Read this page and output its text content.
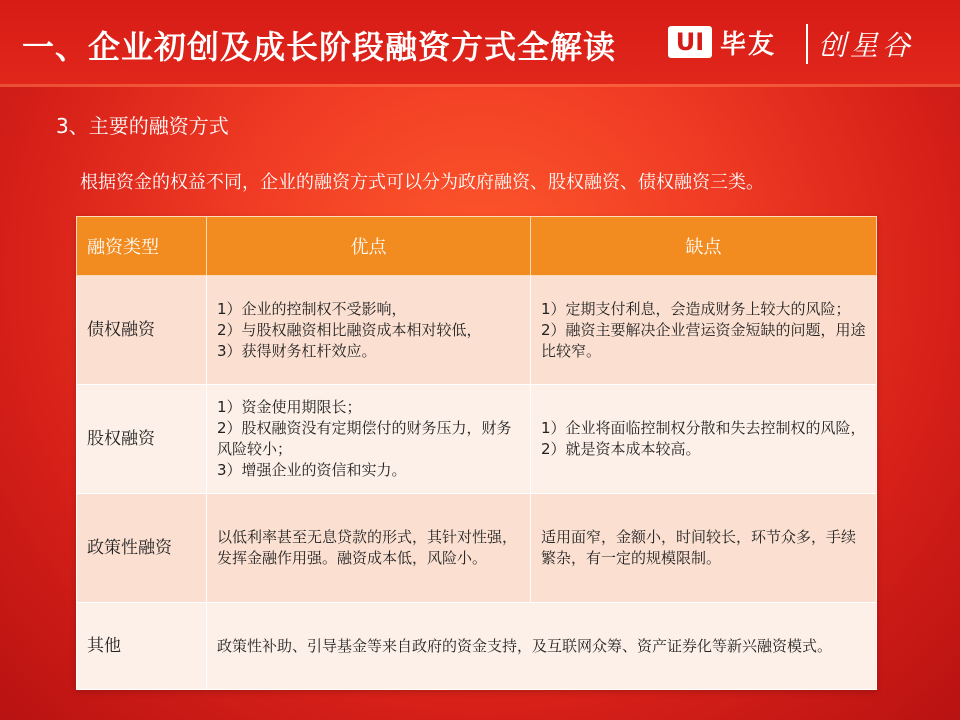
一、企业初创及成长阶段融资方式全解读	UI 毕友 创星谷
3、主要的融资方式
根据资金的权益不同，企业的融资方式可以分为政府融资、股权融资、债权融资三类。
融资类型	优点	缺点
债权融资	1）企业的控制权不受影响，
2）与股权融资相比融资成本相对较低，
3）获得财务杠杆效应。	1）定期支付利息，会造成财务上较大的风险；
2）融资主要解决企业营运资金短缺的问题，用途比较窄。

股权融资	1）资金使用期限长；
2）股权融资没有定期偿付的财务压力，财务风险较小；
3）增强企业的资信和实力。	1）企业将面临控制权分散和失去控制权的风险，
2）就是资本成本较高。

政策性融资	以低利率甚至无息贷款的形式，其针对性强，发挥金融作用强。融资成本低，风险小。	适用面窄，金额小，时间较长，环节众多，手续繁杂，有一定的规模限制。
其他	政策性补助、引导基金等来自政府的资金支持，及互联网众筹、资产证券化等新兴融资模式。	
